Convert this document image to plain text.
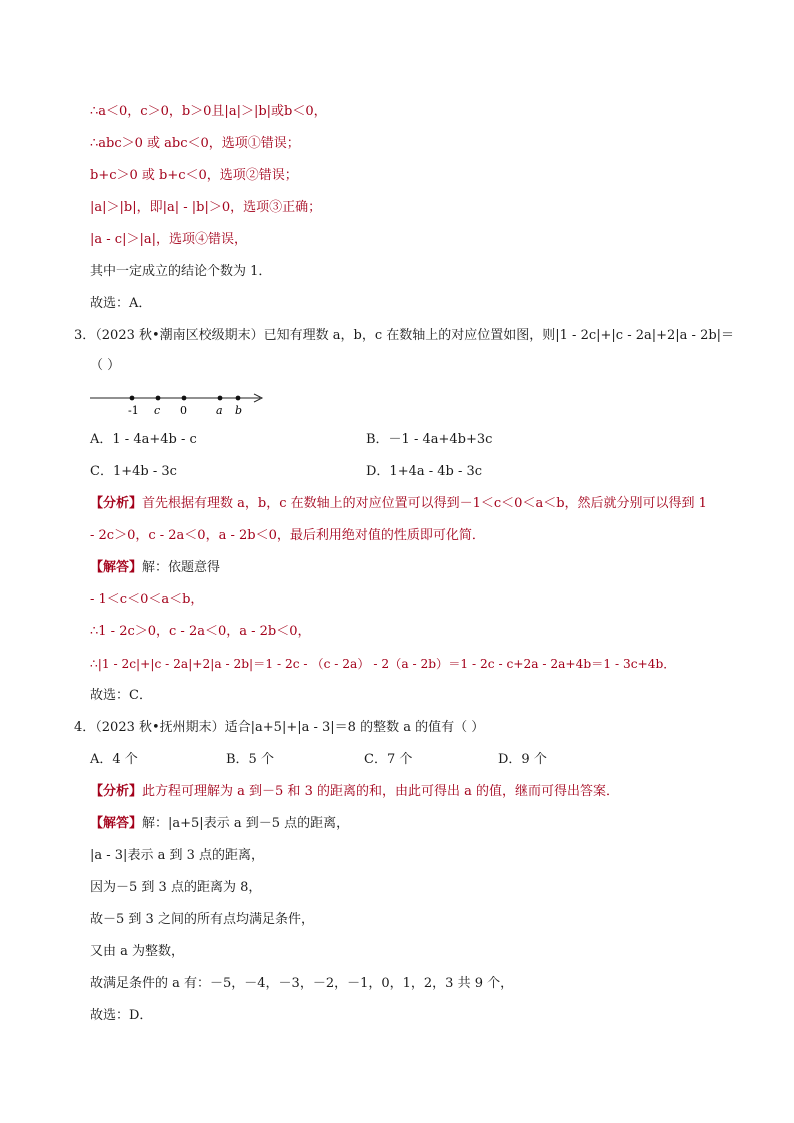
∴a＜0，c＞0，b＞0且|a|＞|b|或b＜0，
∴abc＞0 或 abc＜0，选项①错误；
b+c＞0 或 b+c＜0，选项②错误；
|a|＞|b|，即|a| - |b|＞0，选项③正确；
|a - c|＞|a|，选项④错误，
其中一定成立的结论个数为 1．
故选：A．
3．（2023 秋•潮南区校级期末）已知有理数 a，b，c 在数轴上的对应位置如图，则|1 - 2c|+|c - 2a|+2|a - 2b|＝
（ ）
-1 c 0	a b
A．1 - 4a+4b - c	B．－1 - 4a+4b+3c
C．1+4b - 3c	D．1+4a - 4b - 3c
【分析】首先根据有理数 a，b，c 在数轴上的对应位置可以得到－1＜c＜0＜a＜b，然后就分别可以得到 1
- 2c＞0，c - 2a＜0，a - 2b＜0，最后利用绝对值的性质即可化简．
【解答】解：依题意得
- 1＜c＜0＜a＜b，
∴1 - 2c＞0，c - 2a＜0，a - 2b＜0，
∴|1 - 2c|+|c - 2a|+2|a - 2b|＝1 - 2c - （c - 2a） - 2（a - 2b）＝1 - 2c - c+2a - 2a+4b＝1 - 3c+4b．
故选：C．
4．（2023 秋•抚州期末）适合|a+5|+|a - 3|＝8 的整数 a 的值有（ ）
A．4 个	B．5 个	C．7 个	D．9 个
【分析】此方程可理解为 a 到－5 和 3 的距离的和，由此可得出 a 的值，继而可得出答案．
【解答】解：|a+5|表示 a 到－5 点的距离，
|a - 3|表示 a 到 3 点的距离，
因为－5 到 3 点的距离为 8，
故－5 到 3 之间的所有点均满足条件，
又由 a 为整数，
故满足条件的 a 有：－5，－4，－3，－2，－1，0，1，2，3 共 9 个，
故选：D．
